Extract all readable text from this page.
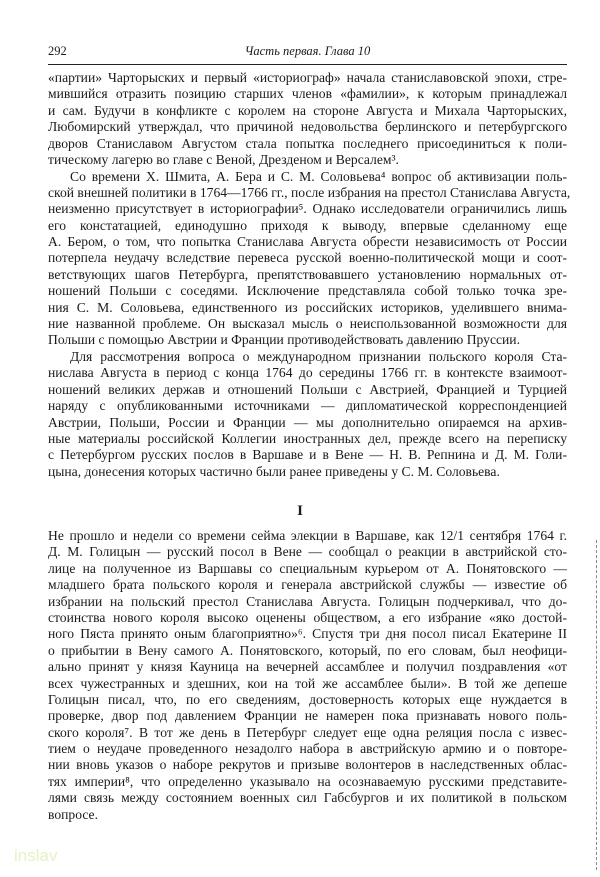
292	Часть первая. Глава 10
«партии» Чарторыских и первый «историограф» начала станиславовской эпохи, стре-
мившийся отразить позицию старших членов «фамилии», к которым принадлежал
и сам. Будучи в конфликте с королем на стороне Августа и Михала Чарторыских,
Любомирский утверждал, что причиной недовольства берлинского и петербургского
дворов Станиславом Августом стала попытка последнего присоединиться к поли-
тическому лагерю во главе с Веной, Дрезденом и Версалем³.
Со времени Х. Шмита, А. Бера и С. М. Соловьева⁴ вопрос об активизации поль-
ской внешней политики в 1764—1766 гг., после избрания на престол Станислава Августа,
неизменно присутствует в историографии⁵. Однако исследователи ограничились лишь
его констатацией, единодушно приходя к выводу, впервые сделанному еще
А. Бером, о том, что попытка Станислава Августа обрести независимость от России
потерпела неудачу вследствие перевеса русской военно-политической мощи и соот-
ветствующих шагов Петербурга, препятствовавшего установлению нормальных от-
ношений Польши с соседями. Исключение представляла собой только точка зре-
ния С. М. Соловьева, единственного из российских историков, уделившего внима-
ние названной проблеме. Он высказал мысль о неиспользованной возможности для
Польши с помощью Австрии и Франции противодействовать давлению Пруссии.
Для рассмотрения вопроса о международном признании польского короля Ста-
нислава Августа в период с конца 1764 до середины 1766 гг. в контексте взаимоот-
ношений великих держав и отношений Польши с Австрией, Францией и Турцией
наряду с опубликованными источниками — дипломатической корреспонденцией
Австрии, Польши, России и Франции — мы дополнительно опираемся на архив-
ные материалы российской Коллегии иностранных дел, прежде всего на переписку
с Петербургом русских послов в Варшаве и в Вене — Н. В. Репнина и Д. М. Голи-
цына, донесения которых частично были ранее приведены у С. М. Соловьева.
I
Не прошло и недели со времени сейма элекции в Варшаве, как 12/1 сентября 1764 г.
Д. М. Голицын — русский посол в Вене — сообщал о реакции в австрийской сто-
лице на полученное из Варшавы со специальным курьером от А. Понятовского —
младшего брата польского короля и генерала австрийской службы — известие об
избрании на польский престол Станислава Августа. Голицын подчеркивал, что до-
стоинства нового короля высоко оценены обществом, а его избрание «яко достой-
ного Пяста принято оным благоприятно»⁶. Спустя три дня посол писал Екатерине II
о прибытии в Вену самого А. Понятовского, который, по его словам, был неофици-
ально принят у князя Кауница на вечерней ассамблее и получил поздравления «от
всех чужестранных и здешних, кои на той же ассамблее были». В той же депеше
Голицын писал, что, по его сведениям, достоверность которых еще нуждается в
проверке, двор под давлением Франции не намерен пока признавать нового поль-
ского короля⁷. В тот же день в Петербург следует еще одна реляция посла с извес-
тием о неудаче проведенного незадолго набора в австрийскую армию и о повторе-
нии вновь указов о наборе рекрутов и призыве волонтеров в наследственных облас-
тях империи⁸, что определенно указывало на осознаваемую русскими представите-
лями связь между состоянием военных сил Габсбургов и их политикой в польском
вопросе.
inslav
